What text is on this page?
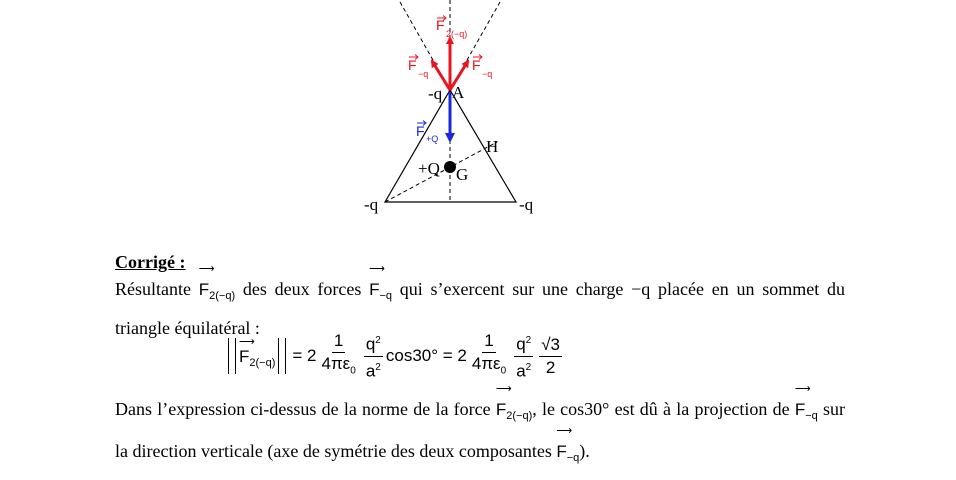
-q A
H
+Q G
-q	-q
F
2(−q)
F
−q
F
−q
F +Q
Corrigé :
Résultante
⟶
$F_{2(-q)}$ des deux forces
⟶
$F_{-q}$ qui s’exercent sur une charge −q placée en un sommet du triangle équilatéral :
⟶
$F_{2(-q)} = 2 \frac{1}{4\pi\varepsilon_0} \frac{q^2}{a^2} \cos 30^\circ = 2 \frac{1}{4\pi\varepsilon_0} \frac{q^2}{a^2} \frac{√3}{2}$
Dans l’expression ci-dessus de la norme de la force
⟶
$F_{2(-q)}$, le cos30° est dû à la projection de
⟶
$F_{-q}$ sur la direction verticale (axe de symétrie des deux composantes
⟶
$F_{-q}$).
